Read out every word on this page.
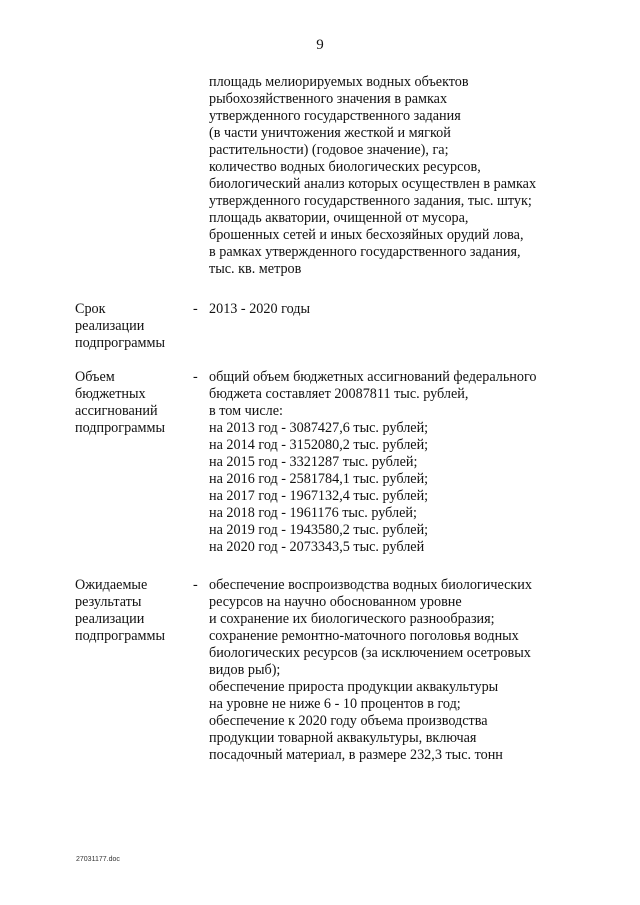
9
площадь мелиорируемых водных объектов
рыбохозяйственного значения в рамках
утвержденного государственного задания
(в части уничтожения жесткой и мягкой
растительности) (годовое значение), га;
количество водных биологических ресурсов,
биологический анализ которых осуществлен в рамках
утвержденного государственного задания, тыс. штук;
площадь акватории, очищенной от мусора,
брошенных сетей и иных бесхозяйных орудий лова,
в рамках утвержденного государственного задания,
тыс. кв. метров
Срок
реализации
подпрограммы
- 2013 - 2020 годы
Объем
бюджетных
ассигнований
подпрограммы
- общий объем бюджетных ассигнований федерального
бюджета составляет 20087811 тыс. рублей,
в том числе:
на 2013 год - 3087427,6 тыс. рублей;
на 2014 год - 3152080,2 тыс. рублей;
на 2015 год - 3321287 тыс. рублей;
на 2016 год - 2581784,1 тыс. рублей;
на 2017 год - 1967132,4 тыс. рублей;
на 2018 год - 1961176 тыс. рублей;
на 2019 год - 1943580,2 тыс. рублей;
на 2020 год - 2073343,5 тыс. рублей
Ожидаемые
результаты
реализации
подпрограммы
- обеспечение воспроизводства водных биологических
ресурсов на научно обоснованном уровне
и сохранение их биологического разнообразия;
сохранение ремонтно-маточного поголовья водных
биологических ресурсов (за исключением осетровых
видов рыб);
обеспечение прироста продукции аквакультуры
на уровне не ниже 6 - 10 процентов в год;
обеспечение к 2020 году объема производства
продукции товарной аквакультуры, включая
посадочный материал, в размере 232,3 тыс. тонн
27031177.doc
